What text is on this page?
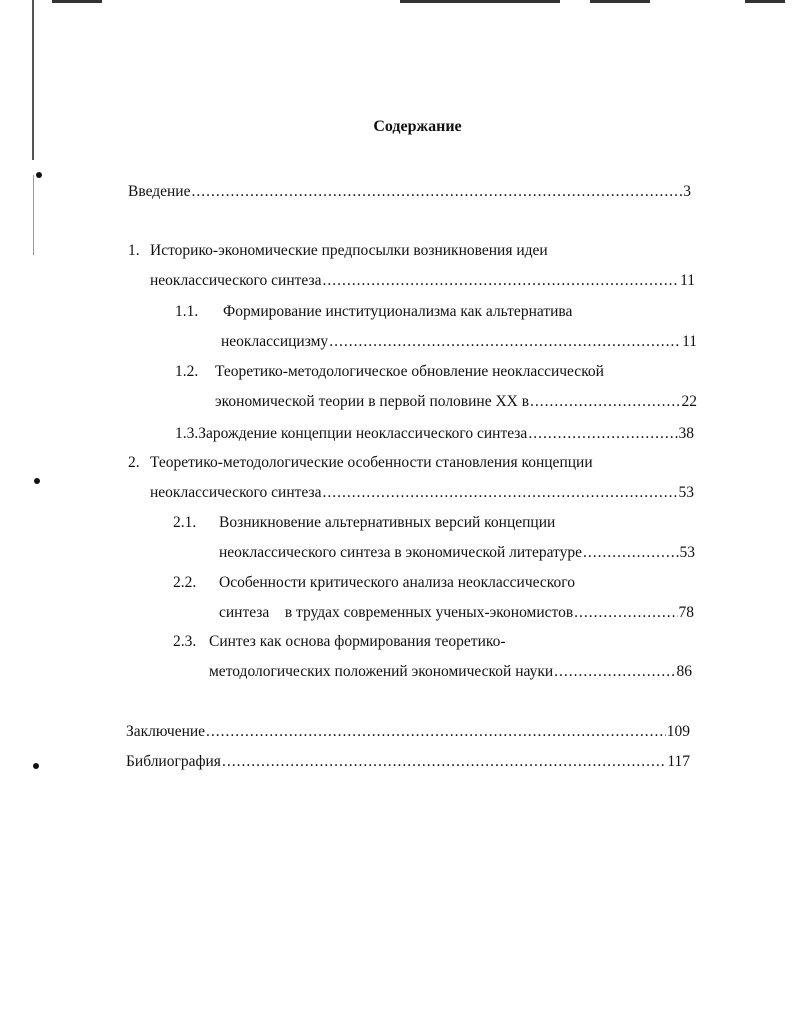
Содержание
Введение .....	3
1. Историко-экономические предпосылки возникновения идеи
неоклассического синтеза .....	11
1.1. Формирование институционализма как альтернатива
неоклассицизму .....	11
1.2. Теоретико-методологическое обновление неоклассической
экономической теории в первой половине XX в .....	22
1.3. Зарождение концепции неоклассического синтеза .....	38
2. Теоретико-методологические особенности становления концепции
неоклассического синтеза .....	53
2.1. Возникновение альтернативных версий концепции
неоклассического синтеза в экономической литературе .....	53
2.2. Особенности критического анализа неоклассического
синтеза    в трудах современных ученых-экономистов .....	78
2.3. Синтез как основа формирования теоретико-
методологических положений экономической науки .....	86
Заключение .....	109
Библиография .....	117
